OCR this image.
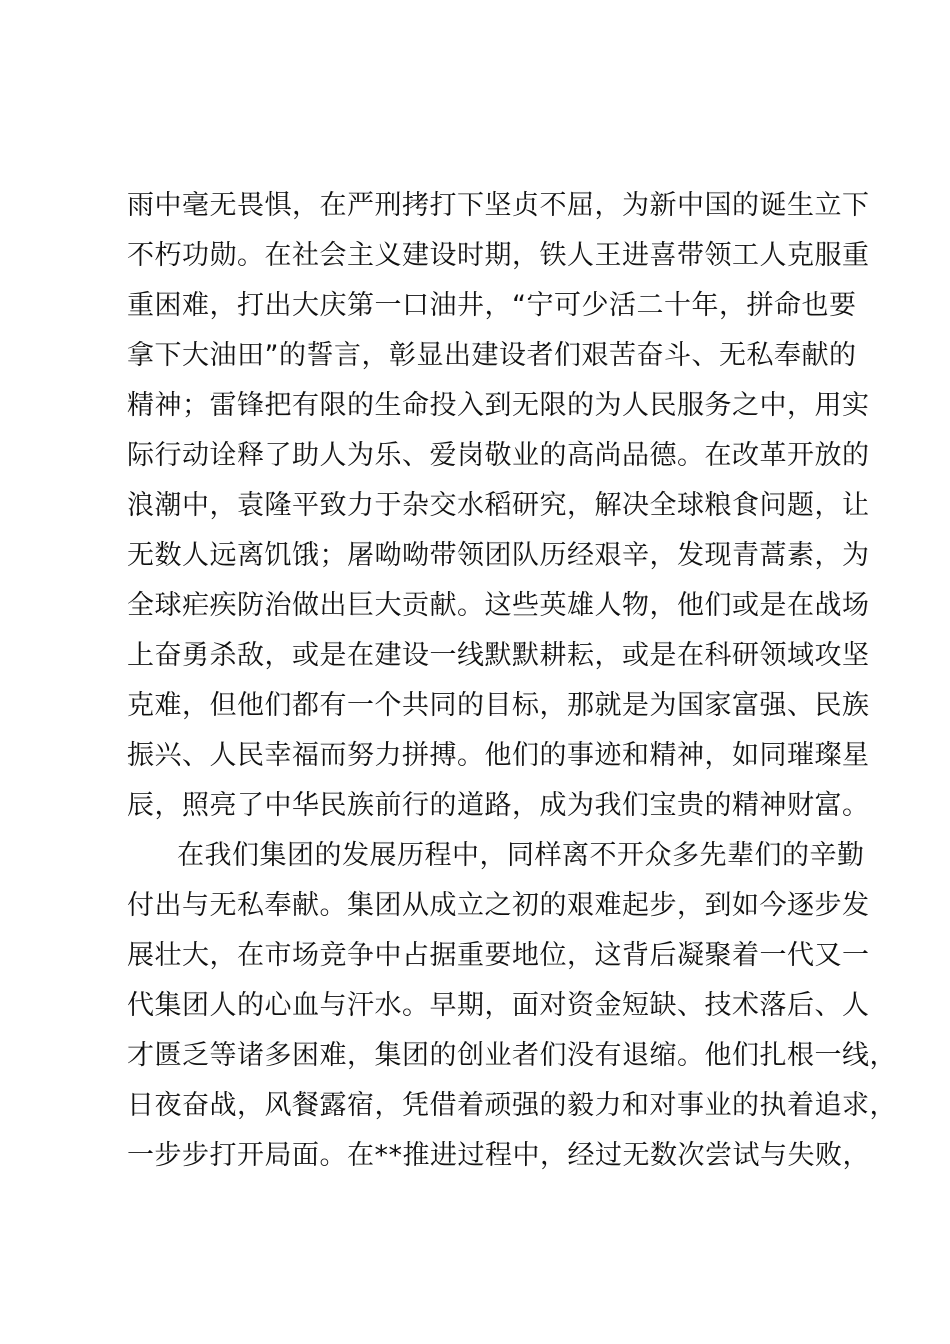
雨中毫无畏惧，在严刑拷打下坚贞不屈，为新中国的诞生立下
不朽功勋。在社会主义建设时期，铁人王进喜带领工人克服重
重困难，打出大庆第一口油井，“宁可少活二十年，拼命也要
拿下大油田”的誓言，彰显出建设者们艰苦奋斗、无私奉献的
精神；雷锋把有限的生命投入到无限的为人民服务之中，用实
际行动诠释了助人为乐、爱岗敬业的高尚品德。在改革开放的
浪潮中，袁隆平致力于杂交水稻研究，解决全球粮食问题，让
无数人远离饥饿；屠呦呦带领团队历经艰辛，发现青蒿素，为
全球疟疾防治做出巨大贡献。这些英雄人物，他们或是在战场
上奋勇杀敌，或是在建设一线默默耕耘，或是在科研领域攻坚
克难，但他们都有一个共同的目标，那就是为国家富强、民族
振兴、人民幸福而努力拼搏。他们的事迹和精神，如同璀璨星
辰，照亮了中华民族前行的道路，成为我们宝贵的精神财富。
在我们集团的发展历程中，同样离不开众多先辈们的辛勤
付出与无私奉献。集团从成立之初的艰难起步，到如今逐步发
展壮大，在市场竞争中占据重要地位，这背后凝聚着一代又一
代集团人的心血与汗水。早期，面对资金短缺、技术落后、人
才匮乏等诸多困难，集团的创业者们没有退缩。他们扎根一线，
日夜奋战，风餐露宿，凭借着顽强的毅力和对事业的执着追求，
一步步打开局面。在**推进过程中，经过无数次尝试与失败，
